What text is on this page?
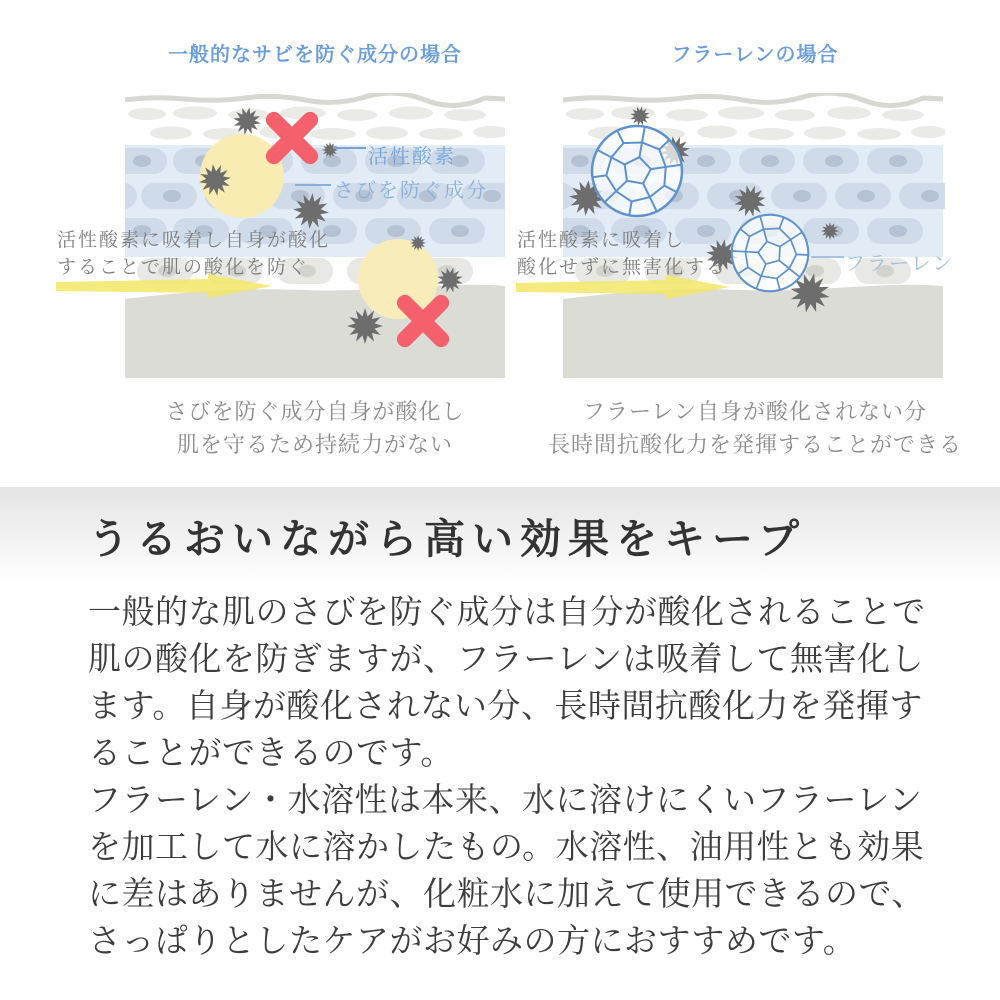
一般的なサビを防ぐ成分の場合	フラーレンの場合
活性酸素
さびを防ぐ成分
フラーレン
活性酸素に吸着し自身が酸化
することで肌の酸化を防ぐ
活性酸素に吸着し
酸化せずに無害化する
さびを防ぐ成分自身が酸化し
肌を守るため持続力がない
フラーレン自身が酸化されない分
長時間抗酸化力を発揮することができる
うるおいながら高い効果をキープ
一般的な肌のさびを防ぐ成分は自分が酸化されることで
肌の酸化を防ぎますが、フラーレンは吸着して無害化し
ます。自身が酸化されない分、長時間抗酸化力を発揮す
ることができるのです。
フラーレン・水溶性は本来、水に溶けにくいフラーレン
を加工して水に溶かしたもの。水溶性、油用性とも効果
に差はありませんが、化粧水に加えて使用できるので、
さっぱりとしたケアがお好みの方におすすめです。
